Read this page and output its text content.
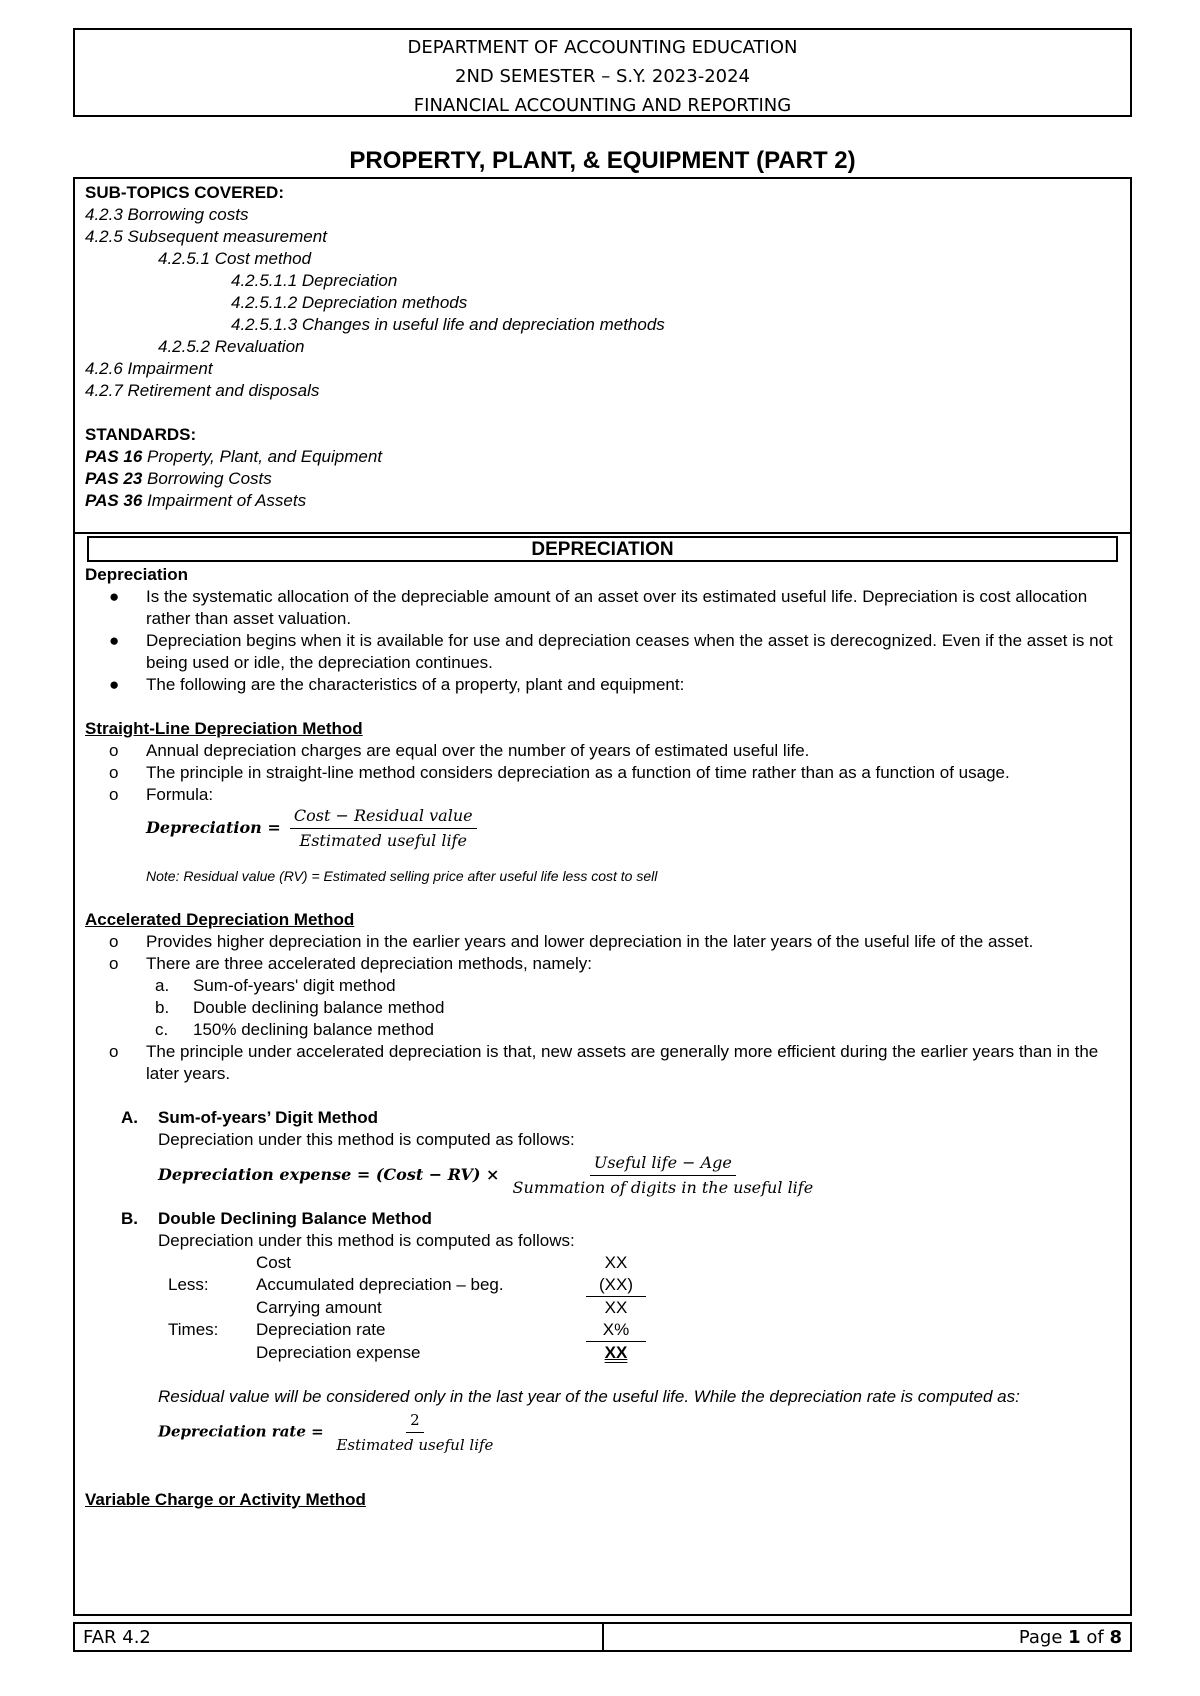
DEPARTMENT OF ACCOUNTING EDUCATION
2ND SEMESTER – S.Y. 2023-2024
FINANCIAL ACCOUNTING AND REPORTING
PROPERTY, PLANT, & EQUIPMENT (PART 2)
SUB-TOPICS COVERED:
4.2.3 Borrowing costs
4.2.5 Subsequent measurement
4.2.5.1 Cost method
4.2.5.1.1 Depreciation
4.2.5.1.2 Depreciation methods
4.2.5.1.3 Changes in useful life and depreciation methods
4.2.5.2 Revaluation
4.2.6 Impairment
4.2.7 Retirement and disposals
STANDARDS:
PAS 16 Property, Plant, and Equipment
PAS 23 Borrowing Costs
PAS 36 Impairment of Assets
DEPRECIATION
Depreciation
●	Is the systematic allocation of the depreciable amount of an asset over its estimated useful life. Depreciation is cost allocation rather than asset valuation.
●	Depreciation begins when it is available for use and depreciation ceases when the asset is derecognized. Even if the asset is not being used or idle, the depreciation continues.
●	The following are the characteristics of a property, plant and equipment:
Straight-Line Depreciation Method
o	Annual depreciation charges are equal over the number of years of estimated useful life.
o	The principle in straight-line method considers depreciation as a function of time rather than as a function of usage.
o	Formula:
Depreciation = $\frac{\text{Cost − Residual value}}{\text{Estimated useful life}}$
Note: Residual value (RV) = Estimated selling price after useful life less cost to sell
Accelerated Depreciation Method
o	Provides higher depreciation in the earlier years and lower depreciation in the later years of the useful life of the asset.
o	There are three accelerated depreciation methods, namely:
a. Sum-of-years' digit method
b. Double declining balance method
c. 150% declining balance method
o	The principle under accelerated depreciation is that, new assets are generally more efficient during the earlier years than in the later years.
A. Sum-of-years’ Digit Method
Depreciation under this method is computed as follows:
Depreciation expense = (Cost − $RV) \times \frac{\text{Useful life − Age}}{\text{Summation of digits in the useful life}}$
B. Double Declining Balance Method
Depreciation under this method is computed as follows:
	Cost	XX
Less:	Accumulated depreciation – beg.	(XX)
	Carrying amount	XX
Times:	Depreciation rate	X%
	Depreciation expense	XX
Residual value will be considered only in the last year of the useful life. While the depreciation rate is computed as:
Depreciation rate = $\frac{2}{\text{Estimated useful life}}$
Variable Charge or Activity Method
FAR 4.2	Page 1 of 8
